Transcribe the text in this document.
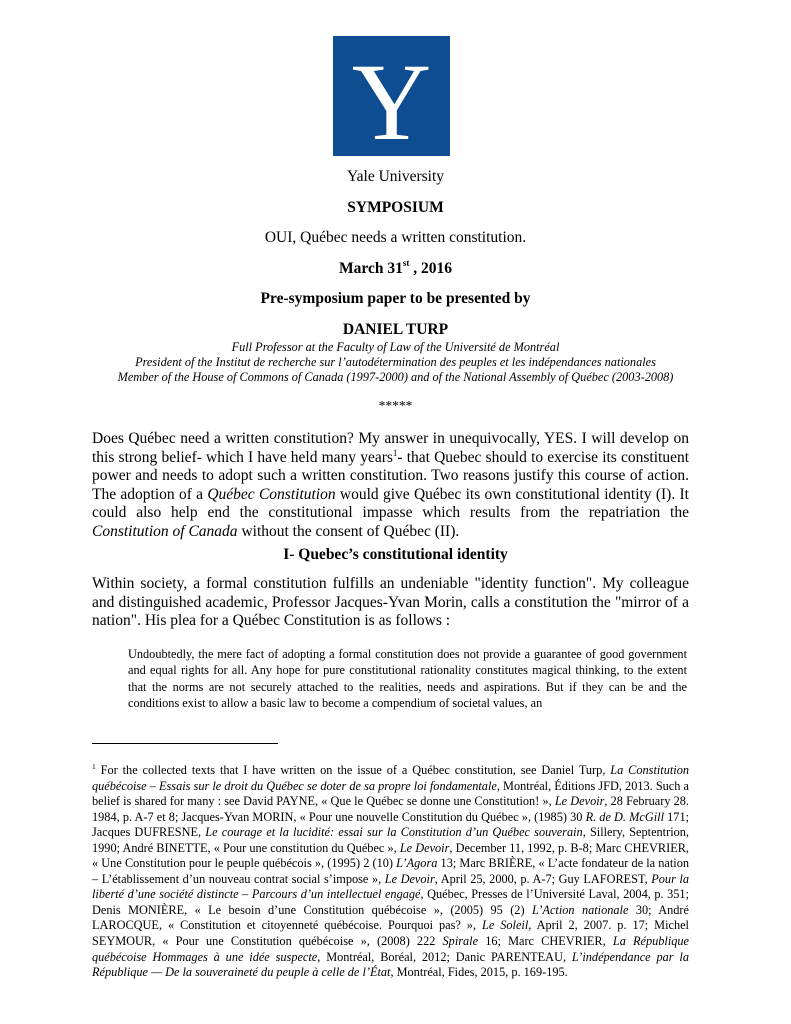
Y
Yale University
SYMPOSIUM
OUI, Québec needs a written constitution.
March 31st , 2016
Pre-symposium paper to be presented by
DANIEL TURP
Full Professor at the Faculty of Law of the Université de Montréal
President of the Institut de recherche sur l’autodétermination des peuples et les indépendances nationales
Member of the House of Commons of Canada (1997-2000) and of the National Assembly of Québec (2003-2008)
*****
Does Québec need a written constitution? My answer in unequivocally, YES. I will develop on this strong belief- which I have held many years$^1$- that Quebec should to exercise its constituent power and needs to adopt such a written constitution. Two reasons justify this course of action. The adoption of a Québec Constitution would give Québec its own constitutional identity (I). It could also help end the constitutional impasse which results from the repatriation the Constitution of Canada without the consent of Québec (II).
I- Quebec’s constitutional identity
Within society, a formal constitution fulfills an undeniable "identity function". My colleague and distinguished academic, Professor Jacques-Yvan Morin, calls a constitution the "mirror of a nation". His plea for a Québec Constitution is as follows :
Undoubtedly, the mere fact of adopting a formal constitution does not provide a guarantee of good government and equal rights for all. Any hope for pure constitutional rationality constitutes magical thinking, to the extent that the norms are not securely attached to the realities, needs and aspirations. But if they can be and the conditions exist to allow a basic law to become a compendium of societal values, an
$^1$ For the collected texts that I have written on the issue of a Québec constitution, see Daniel Turp, La Constitution québécoise – Essais sur le droit du Québec se doter de sa propre loi fondamentale, Montréal, Éditions JFD, 2013. Such a belief is shared for many : see David PAYNE, « Que le Québec se donne une Constitution! », Le Devoir, 28 February 28. 1984, p. A-7 et 8; Jacques-Yvan MORIN, « Pour une nouvelle Constitution du Québec », (1985) 30 R. de D. McGill 171; Jacques DUFRESNE, Le courage et la lucidité: essai sur la Constitution d’un Québec souverain, Sillery, Septentrion, 1990; André BINETTE, « Pour une constitution du Québec », Le Devoir, December 11, 1992, p. B-8; Marc CHEVRIER, « Une Constitution pour le peuple québécois », (1995) 2 (10) L’Agora 13; Marc BRIÈRE, « L’acte fondateur de la nation – L’établissement d’un nouveau contrat social s’impose », Le Devoir, April 25, 2000, p. A-7; Guy LAFOREST, Pour la liberté d’une société distincte – Parcours d’un intellectuel engagé, Québec, Presses de l’Université Laval, 2004, p. 351; Denis MONIÈRE, « Le besoin d’une Constitution québécoise », (2005) 95 (2) L’Action nationale 30; André LAROCQUE, « Constitution et citoyenneté québécoise. Pourquoi pas? », Le Soleil, April 2, 2007. p. 17; Michel SEYMOUR, « Pour une Constitution québécoise », (2008) 222 Spirale 16; Marc CHEVRIER, La République québécoise Hommages à une idée suspecte, Montréal, Boréal, 2012; Danic PARENTEAU, L’indépendance par la République — De la souveraineté du peuple à celle de l’État, Montréal, Fides, 2015, p. 169-195.
